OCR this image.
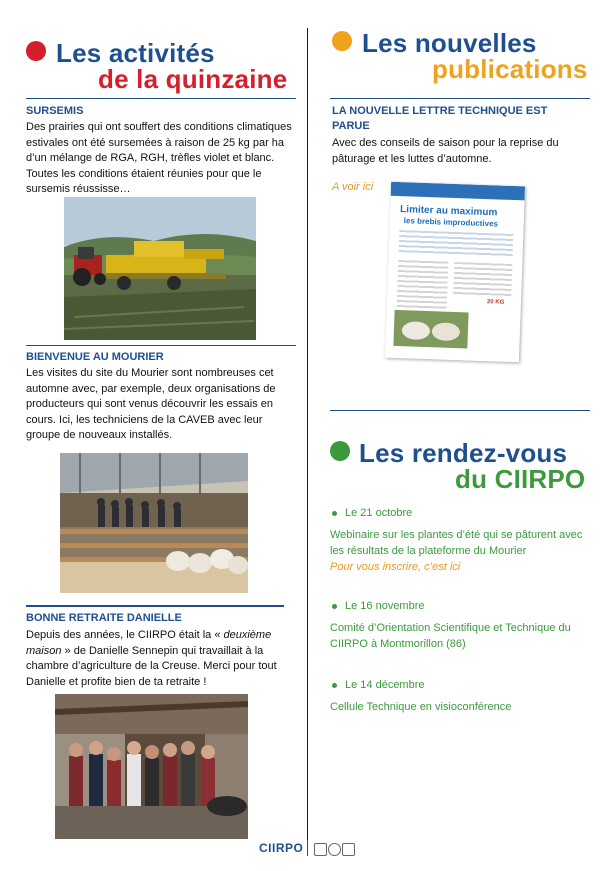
Les activités
de la quinzaine
SURSEMIS
Des prairies qui ont souffert des conditions climatiques estivales ont été sursemées à raison de 25 kg par ha d’un mélange de RGA, RGH, trèfles violet et blanc. Toutes les conditions étaient réunies pour que le sursemis réussisse…
BIENVENUE AU MOURIER
Les visites du site du Mourier sont nombreuses cet automne avec, par exemple, deux organisations de producteurs qui sont venus découvrir les essais en cours. Ici, les techniciens de la CAVEB avec leur groupe de nouveaux installés.
BONNE RETRAITE DANIELLE
Depuis des années, le CIIRPO était la « deuxième maison » de Danielle Sennepin qui travaillait à la chambre d’agriculture de la Creuse. Merci pour tout Danielle et profite bien de ta retraite !
Les nouvelles
publications
LA NOUVELLE LETTRE TECHNIQUE EST PARUE
Avec des conseils de saison pour la reprise du pâturage et les luttes d’automne.
A voir ici
Limiter au maximum
les brebis improductives
20 KG
Les rendez-vous
du CIIRPO
Le 21 octobre
Webinaire sur les plantes d’été qui se pâturent avec les résultats de la plateforme du Mourier
Pour vous inscrire, c’est ici
Le 16 novembre
Comité d’Orientation Scientifique et Technique du CIIRPO à Montmorillon (86)
Le 14 décembre
Cellule Technique en visioconférence
CIIRPO
